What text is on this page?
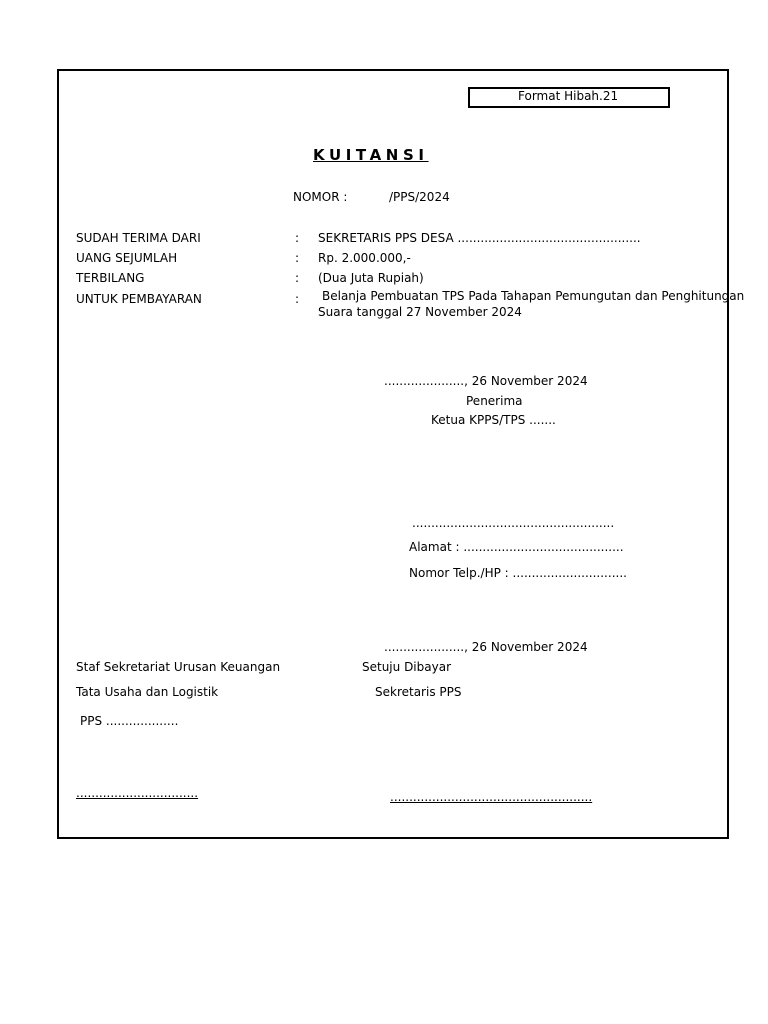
Format Hibah.21
KUITANSI
NOMOR :	/PPS/2024
SUDAH TERIMA DARI	: SEKRETARIS PPS DESA ................................................
UANG SEJUMLAH	: Rp. 2.000.000,-
TERBILANG	: (Dua Juta Rupiah)
UNTUK PEMBAYARAN	: Belanja Pembuatan TPS Pada Tahapan Pemungutan dan Penghitungan
Suara tanggal 27 November 2024
....................., 26 November 2024
Penerima
Ketua KPPS/TPS .......
.....................................................
Alamat : ..........................................
Nomor Telp./HP : ..............................
....................., 26 November 2024
Staf Sekretariat Urusan Keuangan	Setuju Dibayar
Tata Usaha dan Logistik	Sekretaris PPS
PPS ...................
................................	.....................................................
